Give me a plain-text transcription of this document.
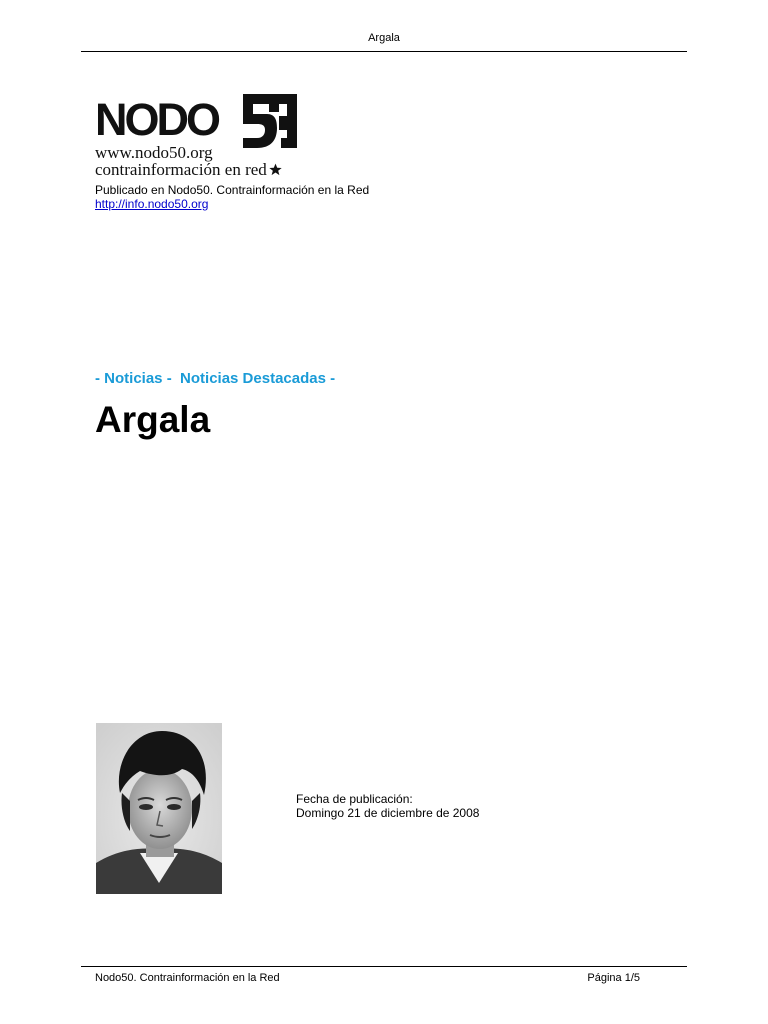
Argala
NODO
www.nodo50.org
contrainformación en red
Publicado en Nodo50. Contrainformación en la Red
http://info.nodo50.org
- Noticias -  Noticias Destacadas -
Argala
Fecha de publicación:
Domingo 21 de diciembre de 2008
Nodo50. Contrainformación en la Red	Página 1/5
